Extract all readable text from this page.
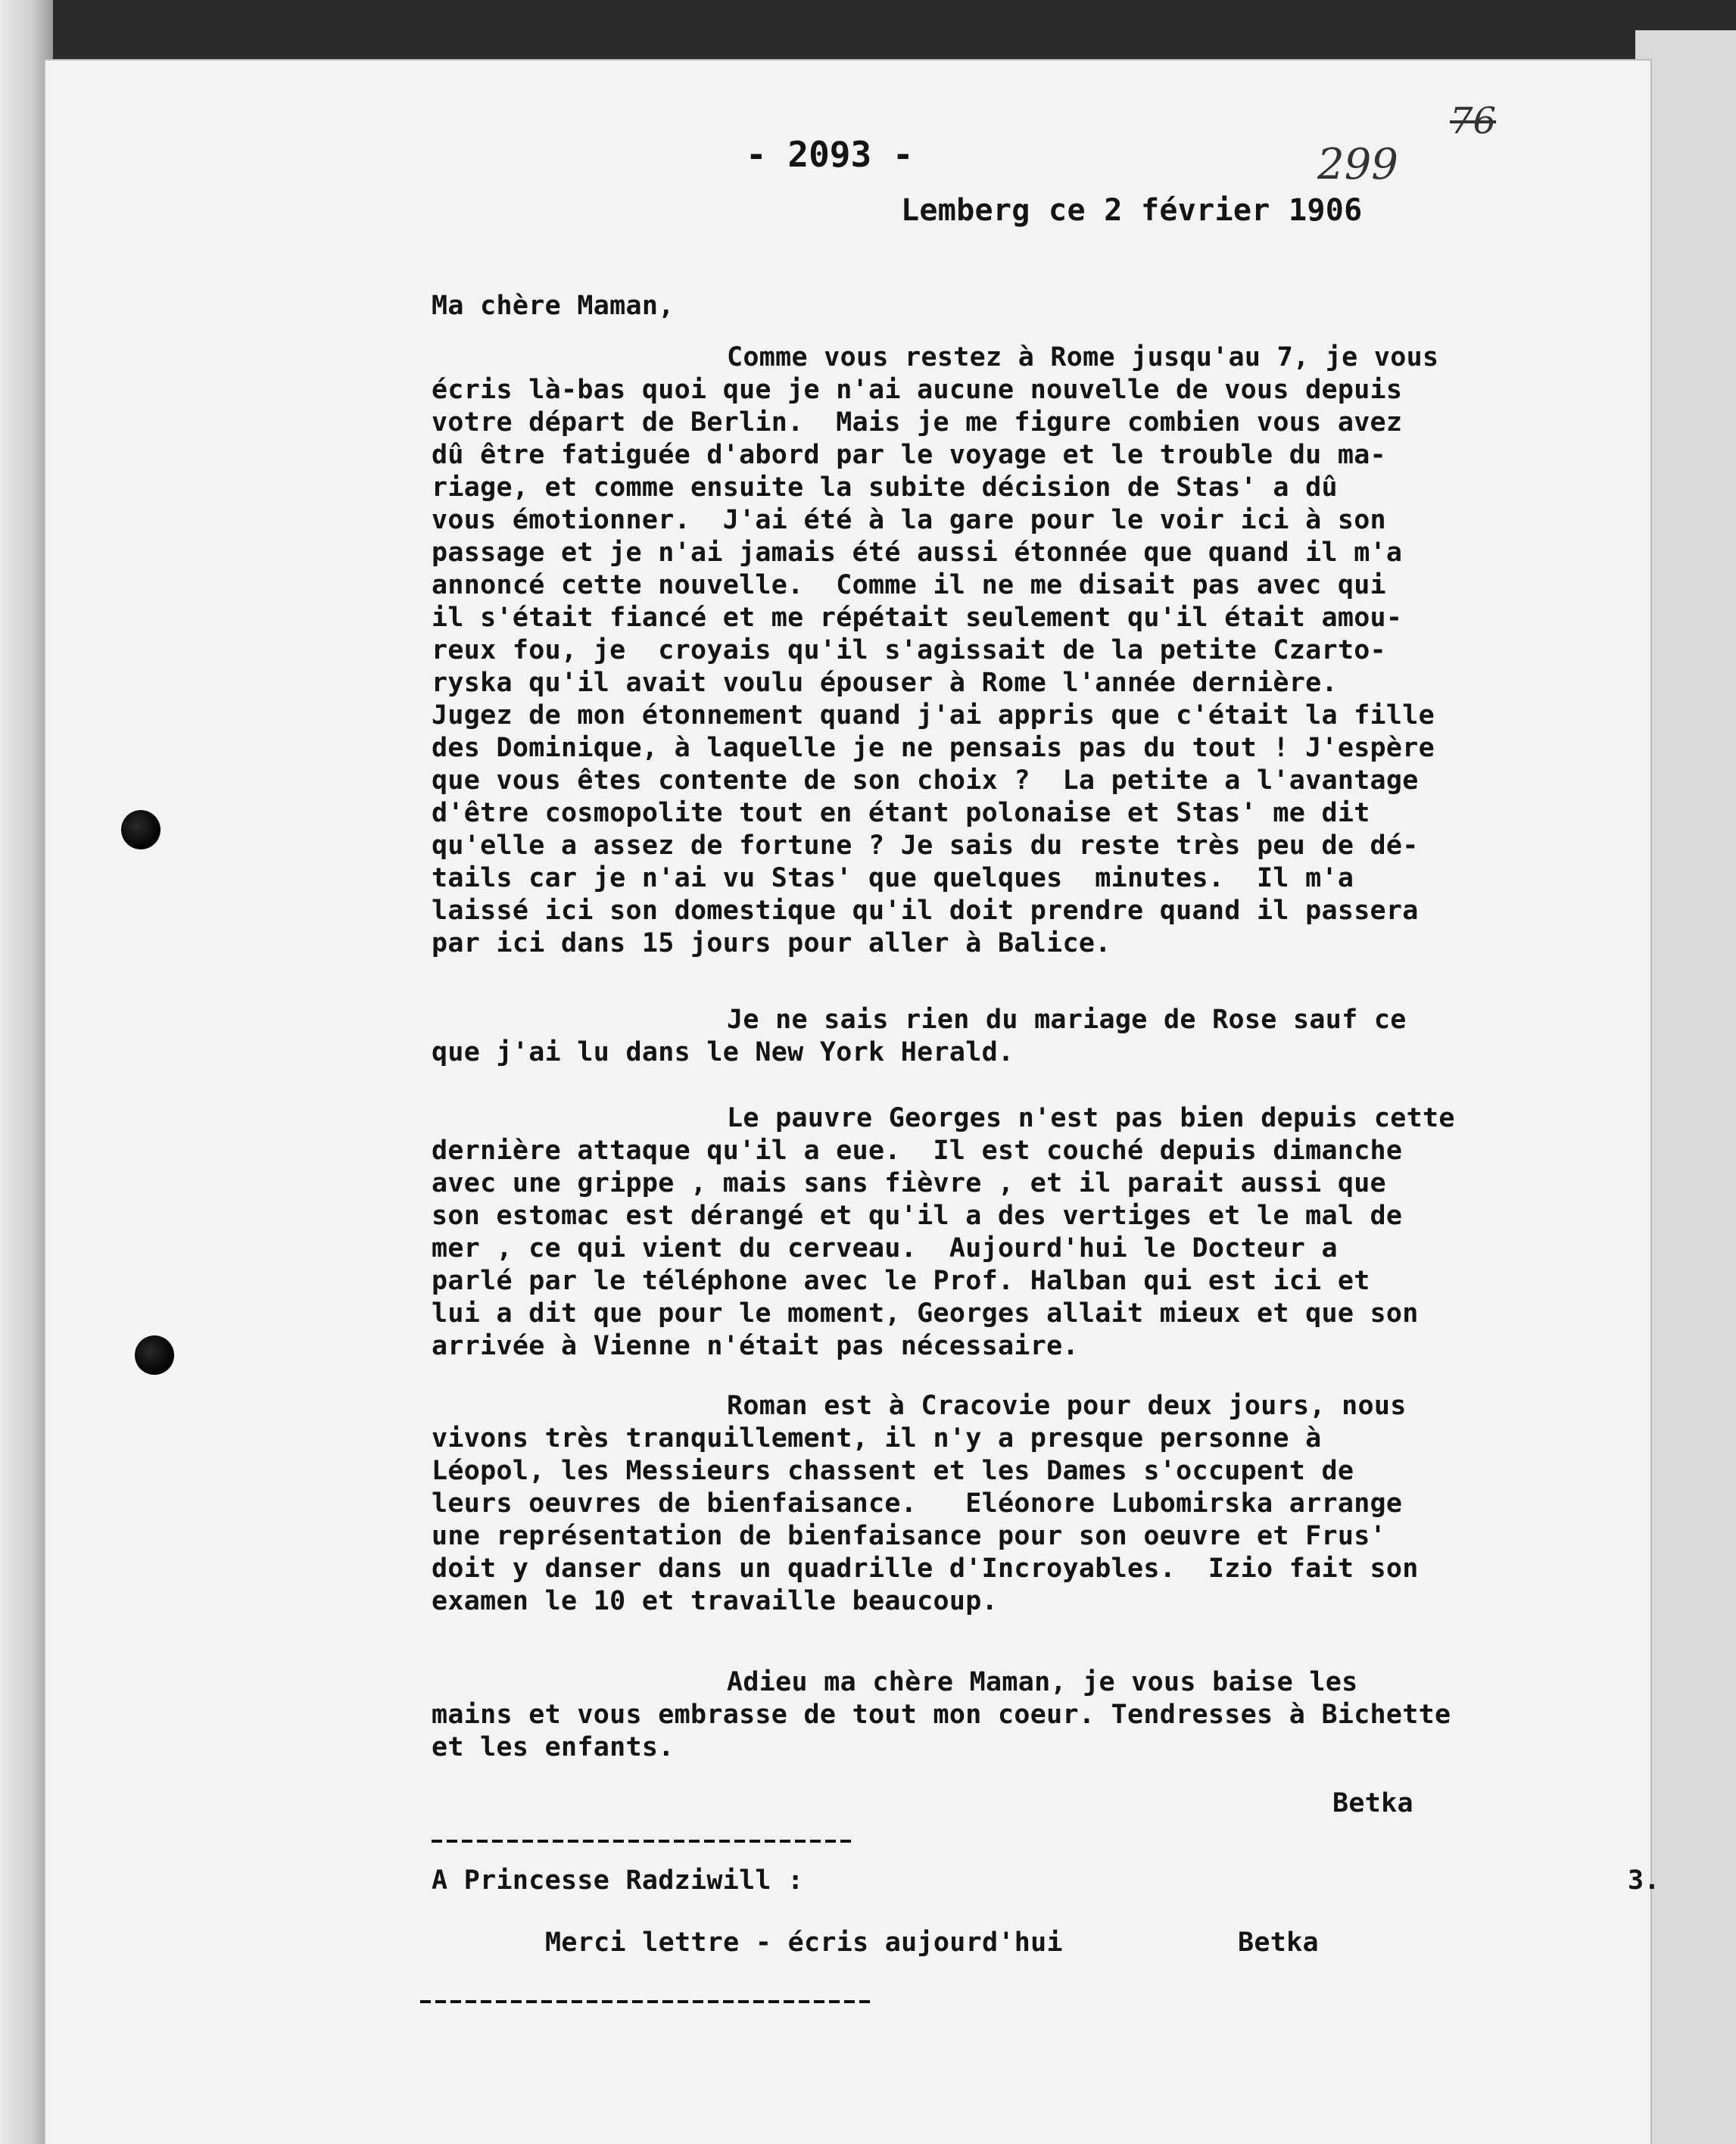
- 2093 -	299
76
Lemberg ce 2 février 1906
Ma chère Maman,
Betka
A Princesse Radziwill :
Merci lettre - écris aujourd'hui	Betka
3.
Comme vous restez à Rome jusqu'au 7, je vous
écris là-bas quoi que je n'ai aucune nouvelle de vous depuis
votre départ de Berlin.  Mais je me figure combien vous avez
dû être fatiguée d'abord par le voyage et le trouble du ma-
riage, et comme ensuite la subite décision de Stas' a dû
vous émotionner.  J'ai été à la gare pour le voir ici à son
passage et je n'ai jamais été aussi étonnée que quand il m'a
annoncé cette nouvelle.  Comme il ne me disait pas avec qui
il s'était fiancé et me répétait seulement qu'il était amou-
reux fou, je  croyais qu'il s'agissait de la petite Czarto-
ryska qu'il avait voulu épouser à Rome l'année dernière.
Jugez de mon étonnement quand j'ai appris que c'était la fille
des Dominique, à laquelle je ne pensais pas du tout ! J'espère
que vous êtes contente de son choix ?  La petite a l'avantage
d'être cosmopolite tout en étant polonaise et Stas' me dit
qu'elle a assez de fortune ? Je sais du reste très peu de dé-
tails car je n'ai vu Stas' que quelques  minutes.  Il m'a
laissé ici son domestique qu'il doit prendre quand il passera
par ici dans 15 jours pour aller à Balice.
Je ne sais rien du mariage de Rose sauf ce
que j'ai lu dans le New York Herald.
Le pauvre Georges n'est pas bien depuis cette
dernière attaque qu'il a eue.  Il est couché depuis dimanche
avec une grippe , mais sans fièvre , et il parait aussi que
son estomac est dérangé et qu'il a des vertiges et le mal de
mer , ce qui vient du cerveau.  Aujourd'hui le Docteur a
parlé par le téléphone avec le Prof. Halban qui est ici et
lui a dit que pour le moment, Georges allait mieux et que son
arrivée à Vienne n'était pas nécessaire.
Roman est à Cracovie pour deux jours, nous
vivons très tranquillement, il n'y a presque personne à
Léopol, les Messieurs chassent et les Dames s'occupent de
leurs oeuvres de bienfaisance.   Eléonore Lubomirska arrange
une représentation de bienfaisance pour son oeuvre et Frus'
doit y danser dans un quadrille d'Incroyables.  Izio fait son
examen le 10 et travaille beaucoup.
Adieu ma chère Maman, je vous baise les
mains et vous embrasse de tout mon coeur. Tendresses à Bichette
et les enfants.
